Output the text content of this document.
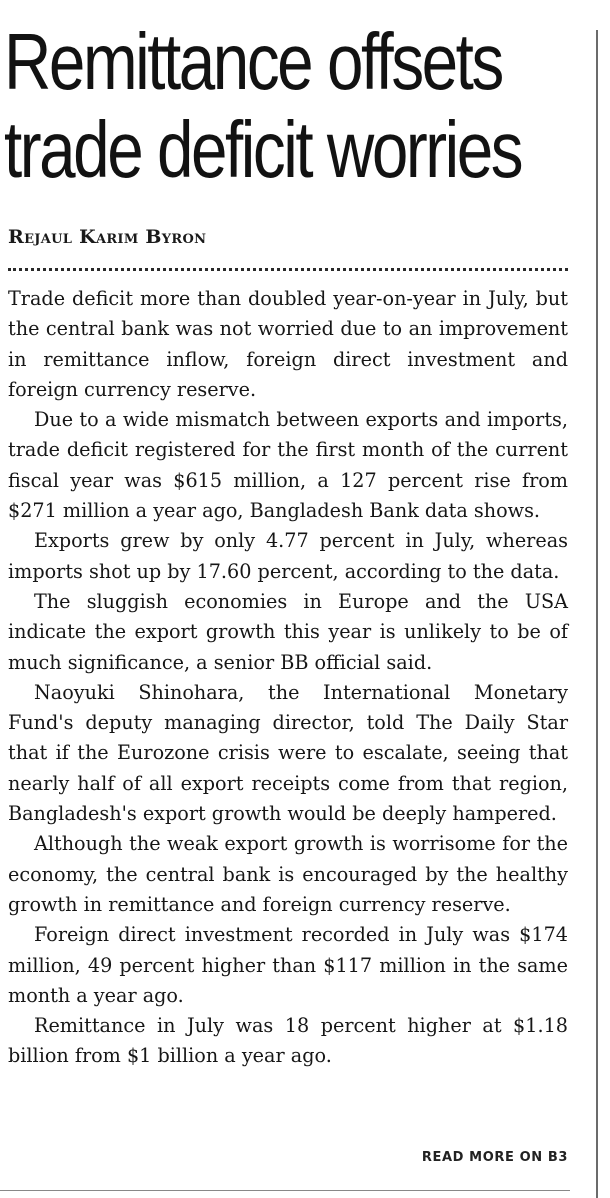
Remittance offsets
trade deficit worries
Rejaul Karim Byron

Trade deficit more than doubled year-on-year in July, but the central bank was not worried due to an improvement in remittance inflow, foreign direct investment and foreign currency reserve.

Due to a wide mismatch between exports and imports, trade deficit registered for the first month of the current fiscal year was $615 million, a 127 percent rise from $271 million a year ago, Bangladesh Bank data shows.

Exports grew by only 4.77 percent in July, whereas imports shot up by 17.60 percent, according to the data.

The sluggish economies in Europe and the USA indicate the export growth this year is unlikely to be of much significance, a senior BB official said.

Naoyuki Shinohara, the International Monetary Fund's deputy managing director, told The Daily Star that if the Eurozone crisis were to escalate, seeing that nearly half of all export receipts come from that region, Bangladesh's export growth would be deeply hampered.

Although the weak export growth is worrisome for the economy, the central bank is encouraged by the healthy growth in remittance and foreign currency reserve.

Foreign direct investment recorded in July was $174 million, 49 percent higher than $117 million in the same month a year ago.

Remittance in July was 18 percent higher at $1.18 billion from $1 billion a year ago.

READ MORE ON B3
